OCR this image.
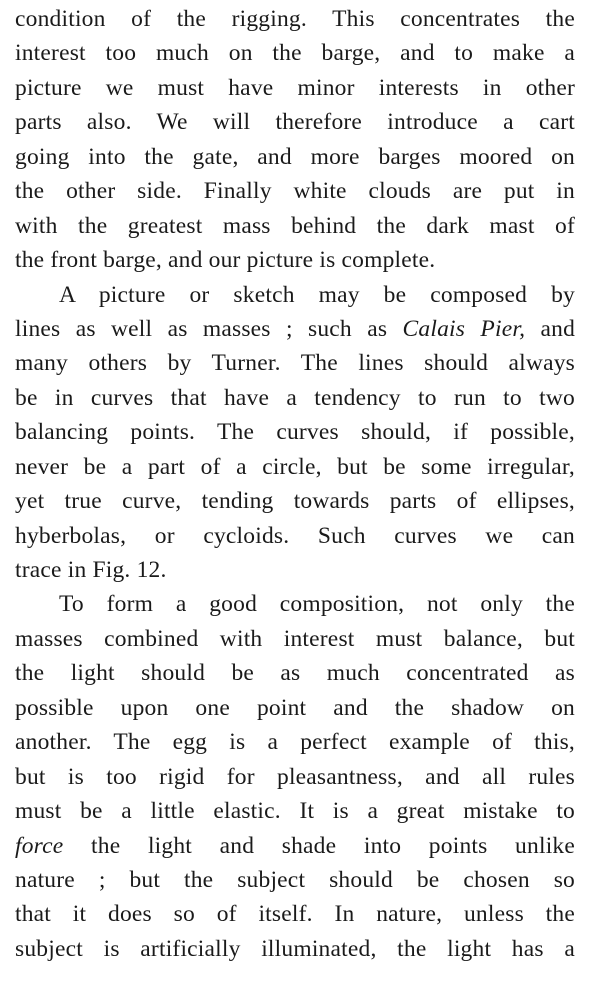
condition of the rigging. This concentrates the
interest too much on the barge, and to make a
picture we must have minor interests in other
parts also. We will therefore introduce a cart
going into the gate, and more barges moored on
the other side. Finally white clouds are put in
with the greatest mass behind the dark mast of
the front barge, and our picture is complete.
A picture or sketch may be composed by
lines as well as masses ; such as Calais Pier, and
many others by Turner. The lines should always
be in curves that have a tendency to run to two
balancing points. The curves should, if possible,
never be a part of a circle, but be some irregular,
yet true curve, tending towards parts of ellipses,
hyberbolas, or cycloids. Such curves we can
trace in Fig. 12.
To form a good composition, not only the
masses combined with interest must balance, but
the light should be as much concentrated as
possible upon one point and the shadow on
another. The egg is a perfect example of this,
but is too rigid for pleasantness, and all rules
must be a little elastic. It is a great mistake to
force the light and shade into points unlike
nature ; but the subject should be chosen so
that it does so of itself. In nature, unless the
subject is artificially illuminated, the light has a
